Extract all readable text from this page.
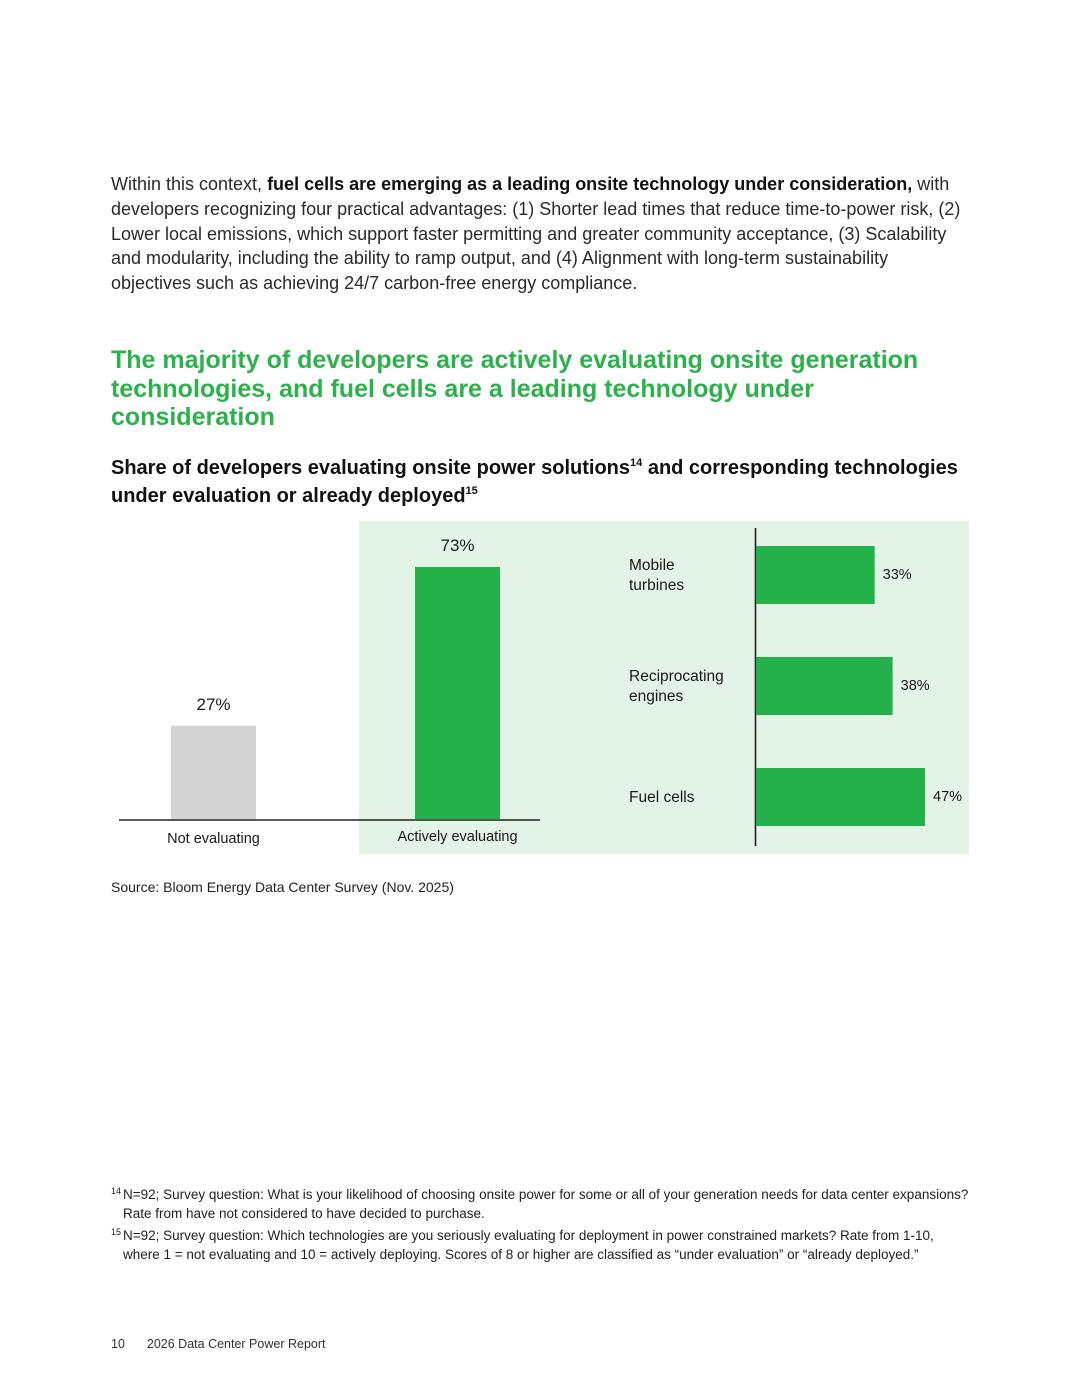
Within this context, fuel cells are emerging as a leading onsite technology under consideration, with developers recognizing four practical advantages: (1) Shorter lead times that reduce time-to-power risk, (2) Lower local emissions, which support faster permitting and greater community acceptance, (3) Scalability and modularity, including the ability to ramp output, and (4) Alignment with long-term sustainability objectives such as achieving 24/7 carbon-free energy compliance.

The majority of developers are actively evaluating onsite generation technologies, and fuel cells are a leading technology under consideration
Share of developers evaluating onsite power solutions$^{14}$ and corresponding technologies under evaluation or already deployed$^{15}$
27%
73%
Not evaluating	Actively evaluating
33%
38%
47%
Mobile
turbines
Reciprocating
engines
Fuel cells
Source: Bloom Energy Data Center Survey (Nov. 2025)
14 N=92; Survey question: What is your likelihood of choosing onsite power for some or all of your generation needs for data center expansions? Rate from have not considered to have decided to purchase.
15 N=92; Survey question: Which technologies are you seriously evaluating for deployment in power constrained markets? Rate from 1-10, where 1 = not evaluating and 10 = actively deploying. Scores of 8 or higher are classified as “under evaluation” or “already deployed.”
10 2026 Data Center Power Report
